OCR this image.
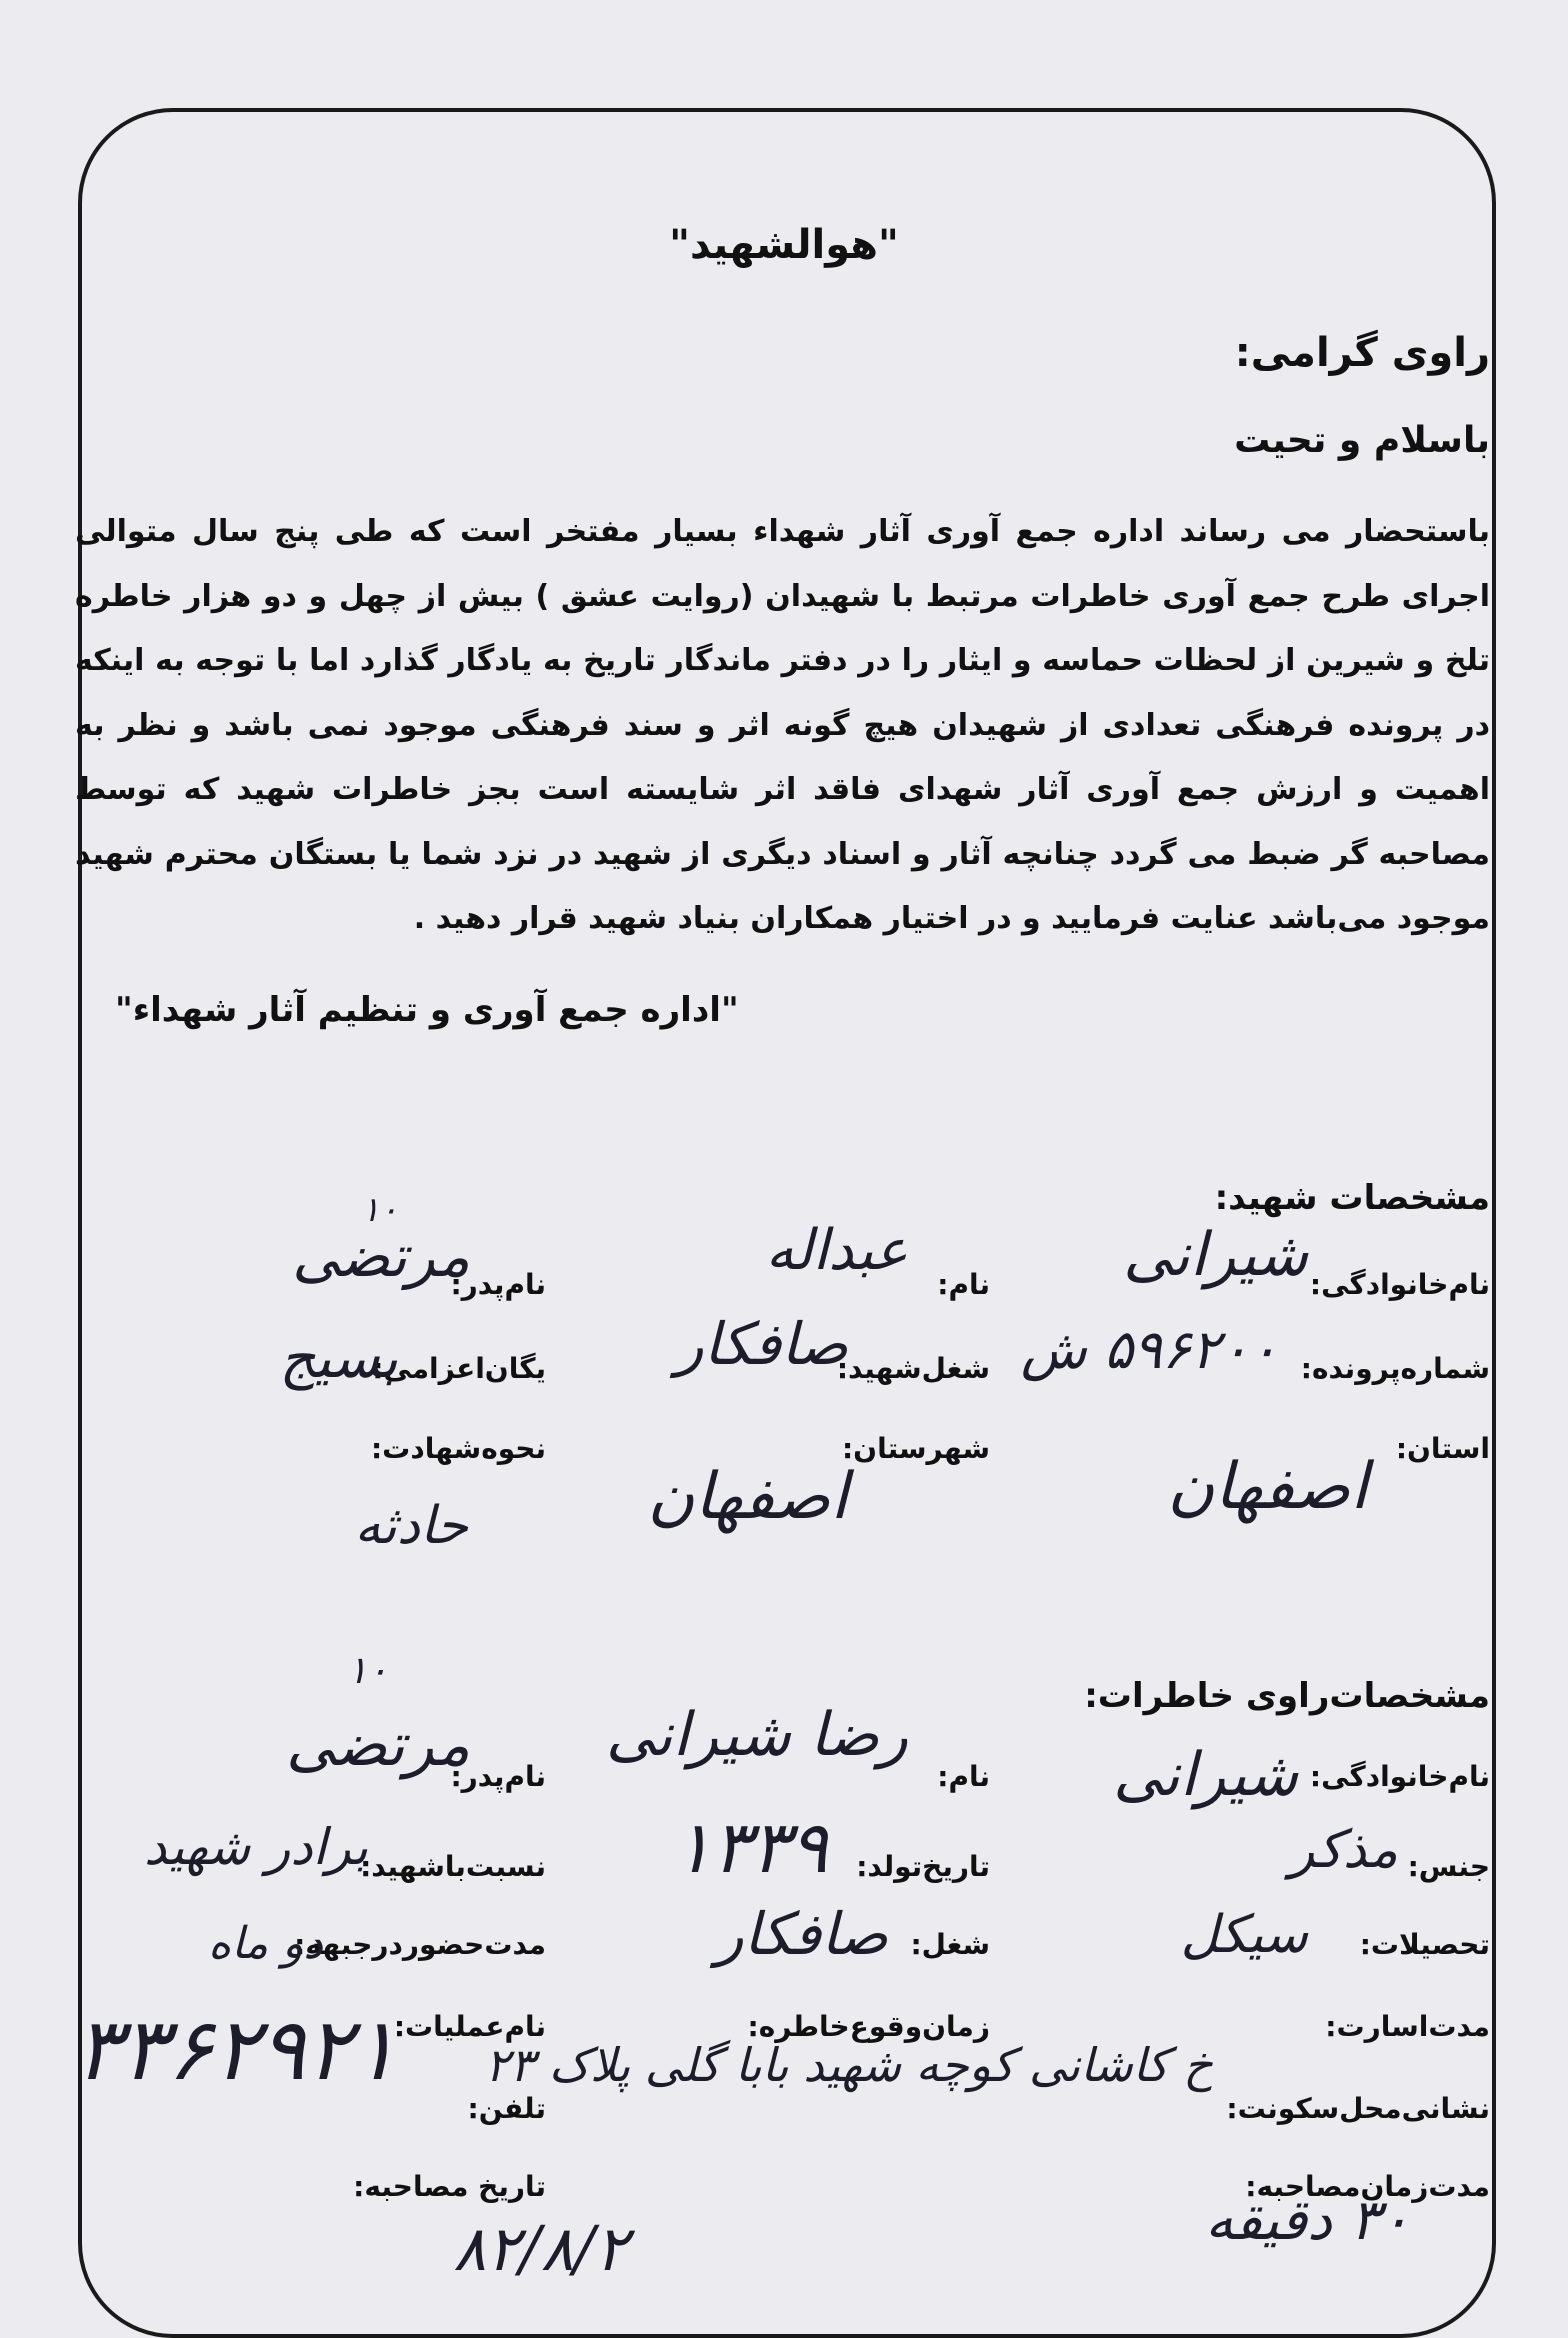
"هوالشهید"
راوی گرامی:
باسلام و تحیت
باستحضار می رساند اداره جمع آوری آثار شهداء بسیار مفتخر است که طی پنج سال متوالی اجرای طرح جمع آوری خاطرات مرتبط با شهیدان (روایت عشق ) بیش از چهل و دو هزار خاطره تلخ و شیرین از لحظات حماسه و ایثار را در دفتر ماندگار تاریخ به یادگار گذارد اما با توجه به اینکه در پرونده فرهنگی تعدادی از شهیدان هیچ گونه اثر و سند فرهنگی موجود نمی باشد و نظر به اهمیت و ارزش جمع آوری آثار شهدای فاقد اثر شایسته است بجز خاطرات شهید که توسط مصاحبه گر ضبط می گردد چنانچه آثار و اسناد دیگری از شهید در نزد شما یا بستگان محترم شهید موجود می‌باشد عنایت فرمایید و در اختیار همکاران بنیاد شهید قرار دهید .
"اداره جمع آوری و تنظیم آثار شهداء"
مشخصات شهید:
نام‌خانوادگی:
شیرانی
نام:
عبداله
نام‌پدر:
مرتضی
۱۰
شماره‌پرونده:
۵۹۶۲۰۰ ش
شغل‌شهید:
صافکار
یگان‌اعزامی:
بسیج
استان:
اصفهان
شهرستان:
اصفهان
نحوه‌شهادت:
حادثه
مشخصات‌راوی خاطرات:
نام‌خانوادگی:
شیرانی
نام:
رضا شیرانی
نام‌پدر:
مرتضی
۱۰
جنس:
مذکر
تاریخ‌تولد:
۱۳۳۹
نسبت‌باشهید:
برادر شهید
تحصیلات:
سیکل
شغل:
صافکار
مدت‌حضوردرجبهه:
دو ماه
مدت‌اسارت:
زمان‌وقوع‌خاطره:
نام‌عملیات:
نشانی‌محل‌سکونت:
خ کاشانی کوچه شهید بابا گلی پلاک ۲۳
تلفن:
۳۳۶۲۹۲۱
مدت‌زمان‌مصاحبه:
۳۰ دقیقه
تاریخ مصاحبه:
۸۲/۸/۲
